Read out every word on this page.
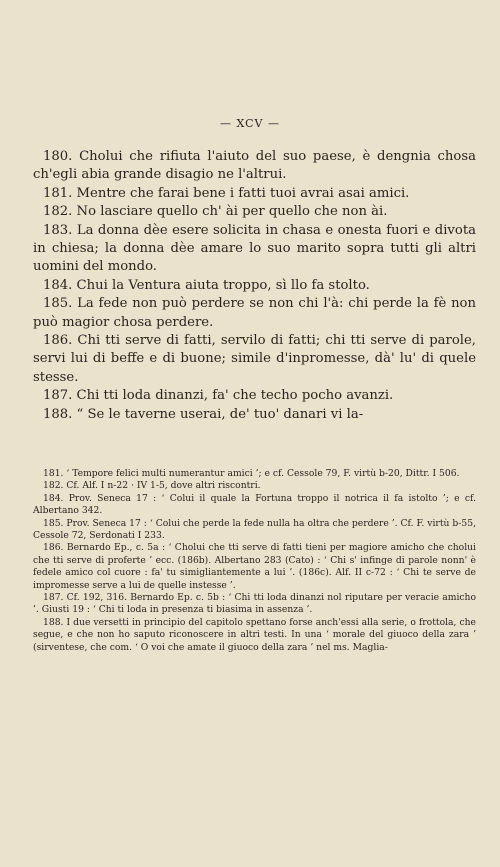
— XCV —

180. Cholui che rifiuta l'aiuto del suo paese, è dengnia chosa ch'egli abia grande disagio ne l'altrui.

181. Mentre che farai bene i fatti tuoi avrai asai amici.

182. No lasciare quello ch' ài per quello che non ài.

183. La donna dèe esere solicita in chasa e onesta fuori e divota in chiesa; la donna dèe amare lo suo marito sopra tutti gli altri uomini del mondo.

184. Chui la Ventura aiuta troppo, sì llo fa stolto.

185. La fede non può perdere se non chi l'à: chi perde la fè non può magior chosa perdere.

186. Chi tti serve di fatti, servilo di fatti; chi tti serve di parole, servi lui di beffe e di buone; simile d'inpromesse, dà' lu' di quele stesse.

187. Chi tti loda dinanzi, fa' che techo pocho avanzi.

188. “ Se le taverne userai, de' tuo' danari vi la-

181. ‘ Tempore felici multi numerantur amici ’; e cf. Cessole 79, F. virtù b-20, Dittr. I 506.

182. Cf. Alf. I n-22 · IV 1-5, dove altri riscontri.

184. Prov. Seneca 17 : ‘ Colui il quale la Fortuna troppo il notrica il fa istolto ’; e cf. Albertano 342.

185. Prov. Seneca 17 : ‘ Colui che perde la fede nulla ha oltra che perdere ’. Cf. F. virtù b-55, Cessole 72, Serdonati I 233.

186. Bernardo Ep., c. 5a : ‘ Cholui che tti serve di fatti tieni per magiore amicho che cholui che tti serve di proferte ’ ecc. (186b). Albertano 283 (Cato) : ‘ Chi s' infinge di parole nonn' è fedele amico col cuore : fa' tu simigliantemente a lui ’. (186c). Alf. II c-72 : ‘ Chi te serve de impromesse serve a lui de quelle instesse ’.

187. Cf. 192, 316. Bernardo Ep. c. 5b : ‘ Chi tti loda dinanzi nol riputare per veracie amicho ’. Giusti 19 : ‘ Chi ti loda in presenza ti biasima in assenza ’.

188. I due versetti in principio del capitolo spettano forse anch'essi alla serie, o frottola, che segue, e che non ho saputo riconoscere in altri testi. In una ‘ morale del giuoco della zara ’ (sirventese, che com. ‘ O voi che amate il giuoco della zara ’ nel ms. Maglia-
